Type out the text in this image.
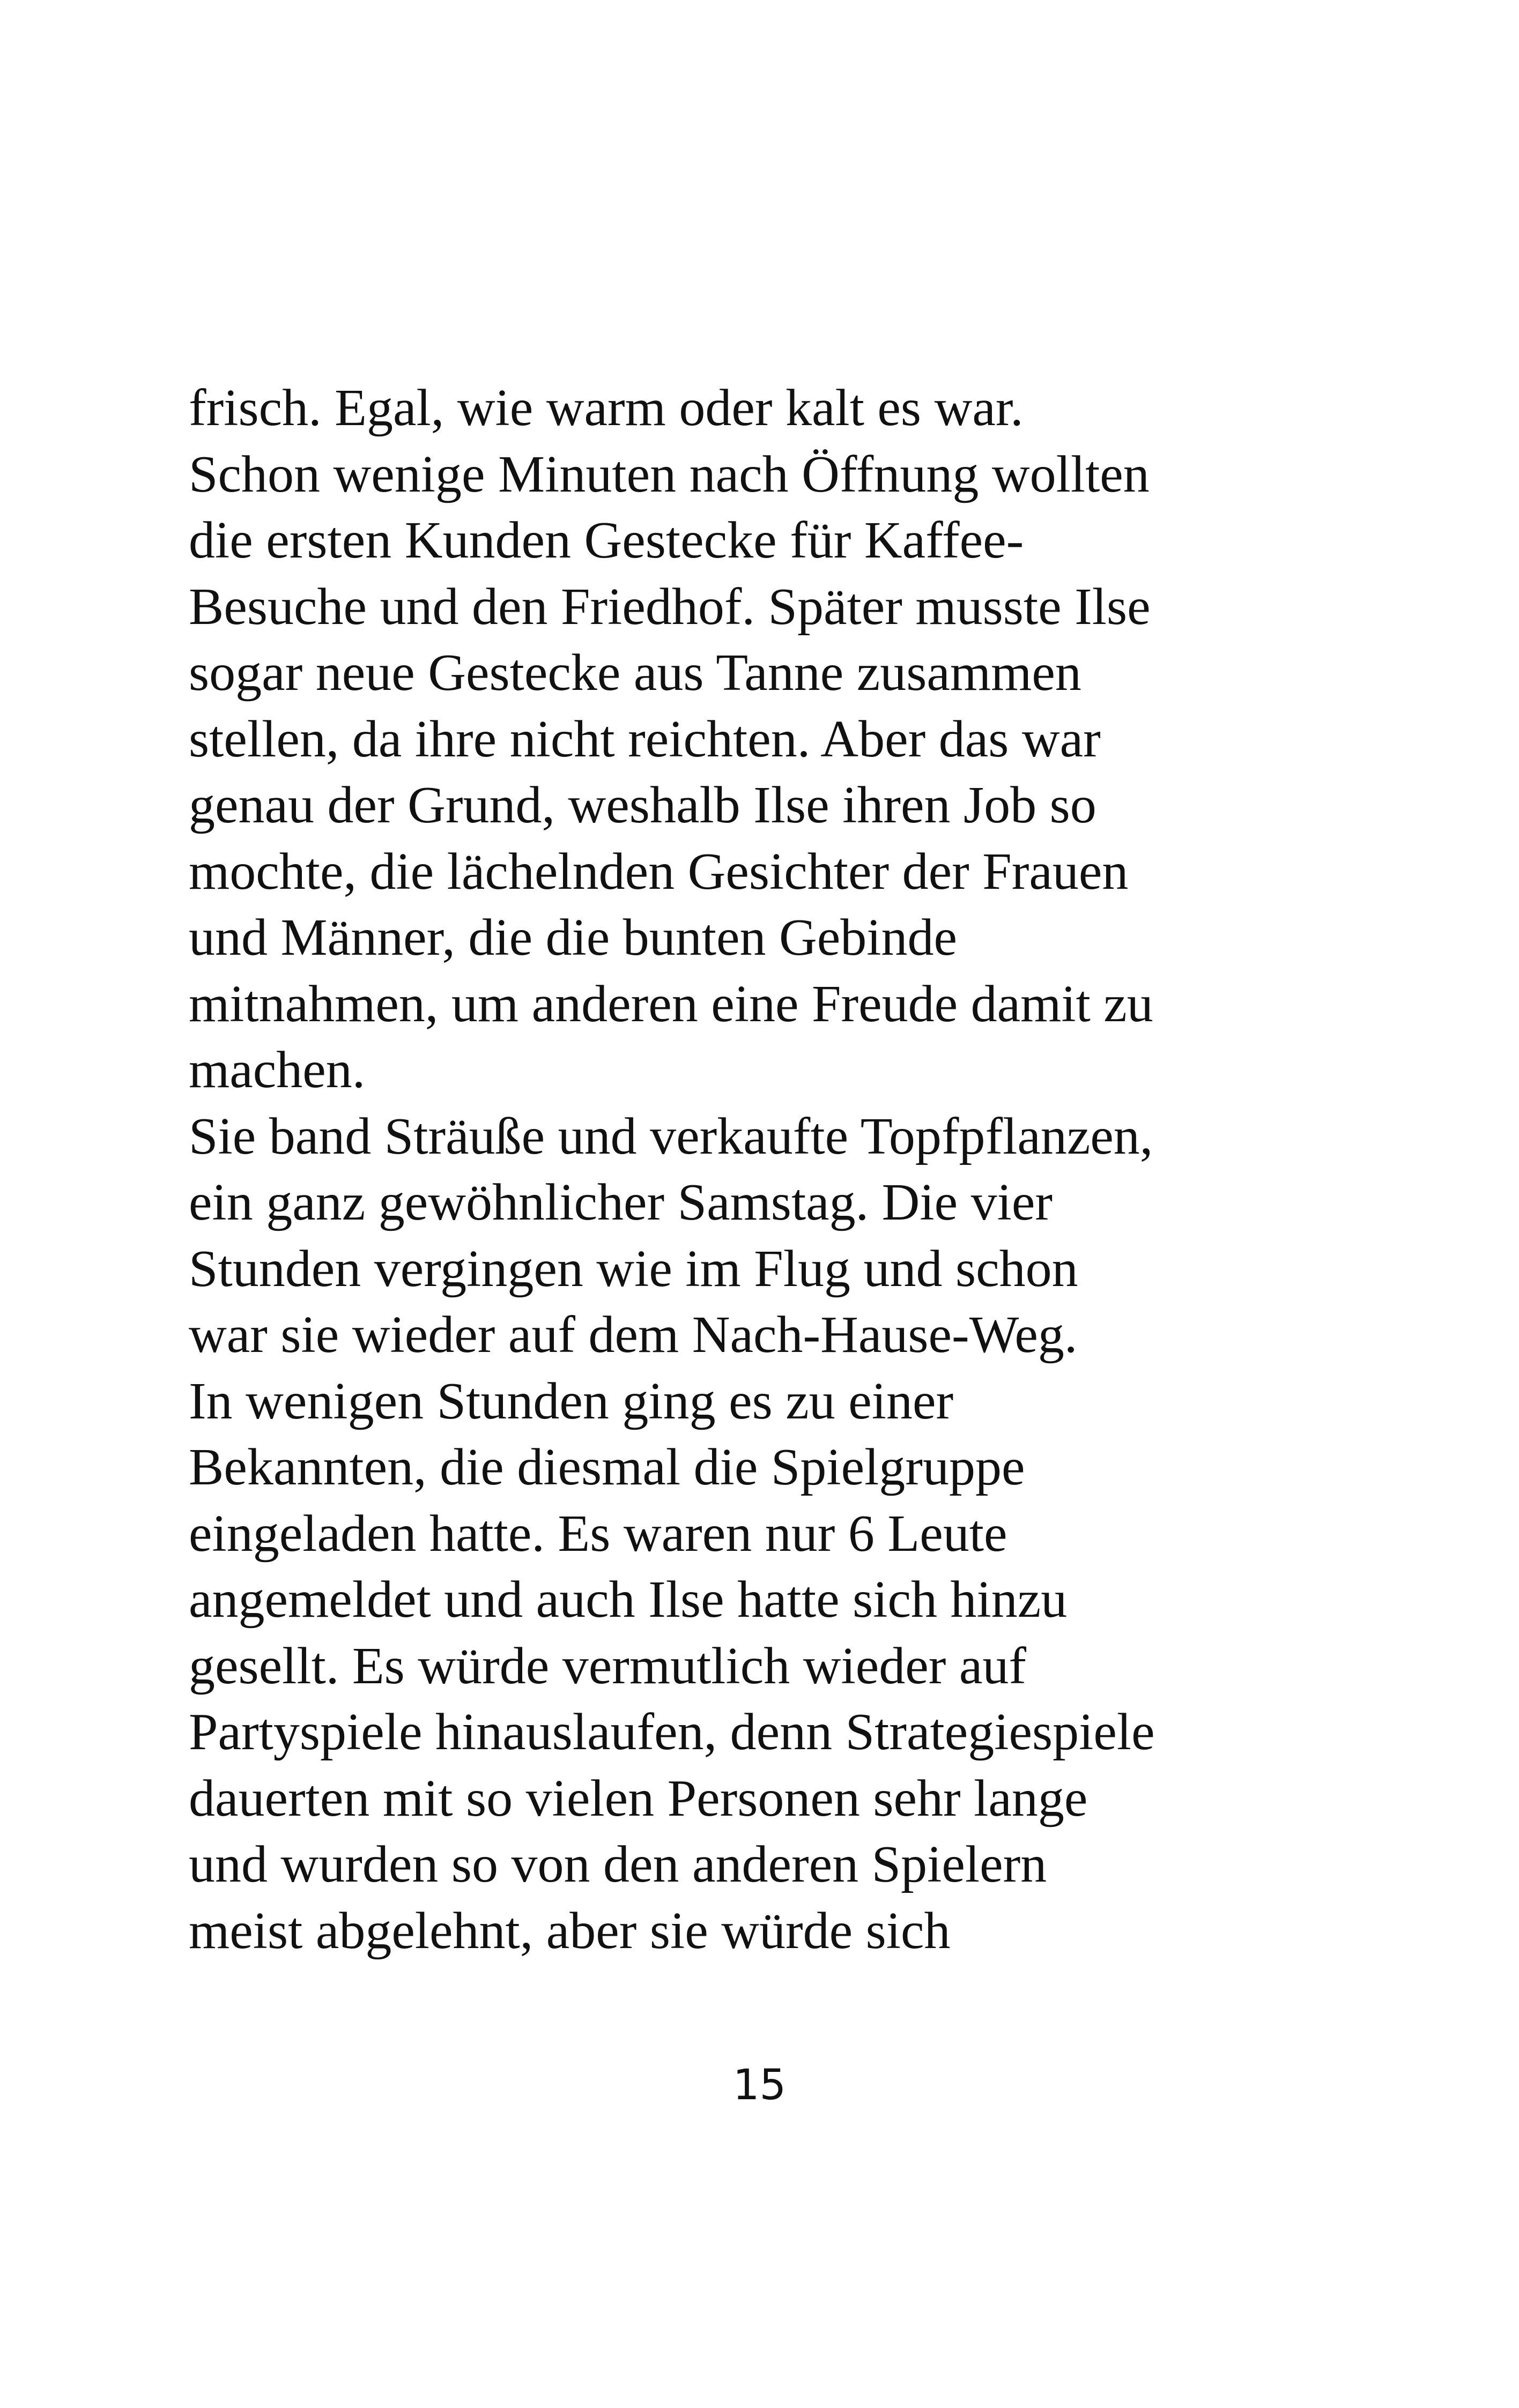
frisch. Egal, wie warm oder kalt es war.
Schon wenige Minuten nach Öffnung wollten
die ersten Kunden Gestecke für Kaffee-
Besuche und den Friedhof. Später musste Ilse
sogar neue Gestecke aus Tanne zusammen
stellen, da ihre nicht reichten. Aber das war
genau der Grund, weshalb Ilse ihren Job so
mochte, die lächelnden Gesichter der Frauen
und Männer, die die bunten Gebinde
mitnahmen, um anderen eine Freude damit zu
machen.
Sie band Sträuße und verkaufte Topfpflanzen,
ein ganz gewöhnlicher Samstag. Die vier
Stunden vergingen wie im Flug und schon
war sie wieder auf dem Nach-Hause-Weg.
In wenigen Stunden ging es zu einer
Bekannten, die diesmal die Spielgruppe
eingeladen hatte. Es waren nur 6 Leute
angemeldet und auch Ilse hatte sich hinzu
gesellt. Es würde vermutlich wieder auf
Partyspiele hinauslaufen, denn Strategiespiele
dauerten mit so vielen Personen sehr lange
und wurden so von den anderen Spielern
meist abgelehnt, aber sie würde sich
15
